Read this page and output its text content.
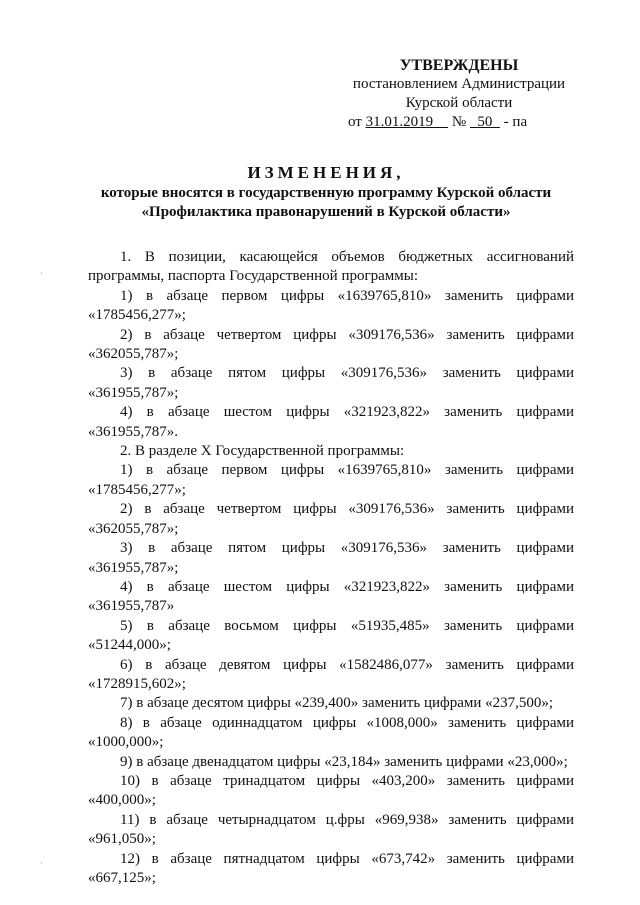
УТВЕРЖДЕНЫ
постановлением Администрации
Курской области
от 31.01.2019 № 50 - па
ИЗМЕНЕНИЯ,
которые вносятся в государственную программу Курской области
«Профилактика правонарушений в Курской области»
1. В позиции, касающейся объемов бюджетных ассигнований программы, паспорта Государственной программы:
1) в абзаце первом цифры «1639765,810» заменить цифрами «1785456,277»;
2) в абзаце четвертом цифры «309176,536» заменить цифрами «362055,787»;
3) в абзаце пятом цифры «309176,536» заменить цифрами «361955,787»;
4) в абзаце шестом цифры «321923,822» заменить цифрами «361955,787».
2. В разделе X Государственной программы:
1) в абзаце первом цифры «1639765,810» заменить цифрами «1785456,277»;
2) в абзаце четвертом цифры «309176,536» заменить цифрами «362055,787»;
3) в абзаце пятом цифры «309176,536» заменить цифрами «361955,787»;
4) в абзаце шестом цифры «321923,822» заменить цифрами «361955,787»
5) в абзаце восьмом цифры «51935,485» заменить цифрами «51244,000»;
6) в абзаце девятом цифры «1582486,077» заменить цифрами «1728915,602»;
7) в абзаце десятом цифры «239,400» заменить цифрами «237,500»;
8) в абзаце одиннадцатом цифры «1008,000» заменить цифрами «1000,000»;
9) в абзаце двенадцатом цифры «23,184» заменить цифрами «23,000»;
10) в абзаце тринадцатом цифры «403,200» заменить цифрами «400,000»;
11) в абзаце четырнадцатом ц.фры «969,938» заменить цифрами «961,050»;
12) в абзаце пятнадцатом цифры «673,742» заменить цифрами «667,125»;
·
·
